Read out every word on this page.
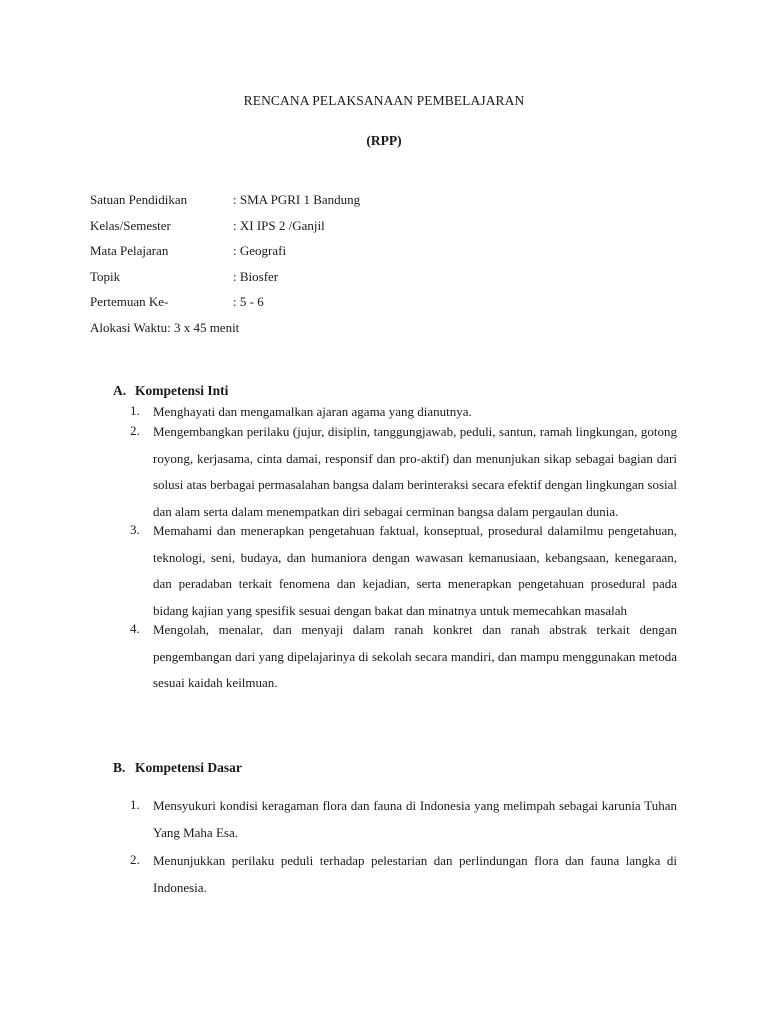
RENCANA PELAKSANAAN PEMBELAJARAN
(RPP)
Satuan Pendidikan	: SMA PGRI 1 Bandung
Kelas/Semester	: XI IPS 2 /Ganjil
Mata Pelajaran	: Geografi
Topik	: Biosfer
Pertemuan Ke-	: 5 - 6
Alokasi Waktu: 3 x 45 menit
A. Kompetensi Inti
1. Menghayati dan mengamalkan ajaran agama yang dianutnya.
2. Mengembangkan perilaku (jujur, disiplin, tanggungjawab, peduli, santun, ramah lingkungan, gotong royong, kerjasama, cinta damai, responsif dan pro-aktif) dan menunjukan sikap sebagai bagian dari solusi atas berbagai permasalahan bangsa dalam berinteraksi secara efektif dengan lingkungan sosial dan alam serta dalam menempatkan diri sebagai cerminan bangsa dalam pergaulan dunia.
3. Memahami dan menerapkan pengetahuan faktual, konseptual, prosedural dalamilmu pengetahuan, teknologi, seni, budaya, dan humaniora dengan wawasan kemanusiaan, kebangsaan, kenegaraan, dan peradaban terkait fenomena dan kejadian, serta menerapkan pengetahuan prosedural pada bidang kajian yang spesifik sesuai dengan bakat dan minatnya untuk memecahkan masalah
4. Mengolah, menalar, dan menyaji dalam ranah konkret dan ranah abstrak terkait dengan pengembangan dari yang dipelajarinya di sekolah secara mandiri, dan mampu menggunakan metoda sesuai kaidah keilmuan.
B. Kompetensi Dasar
1. Mensyukuri kondisi keragaman flora dan fauna di Indonesia yang melimpah sebagai karunia Tuhan Yang Maha Esa.
2. Menunjukkan perilaku peduli terhadap pelestarian dan perlindungan flora dan fauna langka di Indonesia.
